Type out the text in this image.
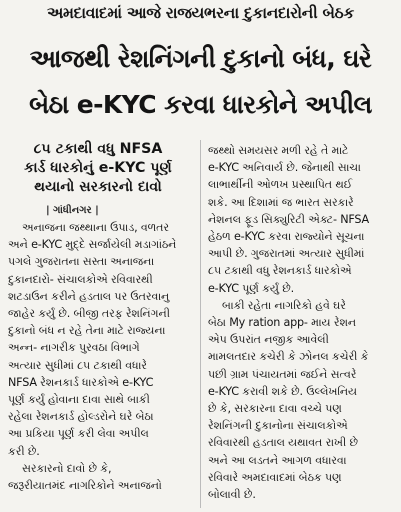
અમદાવાદમાં આજે રાજયભરના દુકાનદારોની બેઠક
આજથી રેશનિંગની દુકાનો બંધ, ઘરે
બેઠા e-KYC કરવા ધારકોને અપીલ
૮૫ ટકાથી વધુ NFSA
કાર્ડ ધારકોનું e-KYC પૂર્ણ
થયાનો સરકારનો દાવો
| ગાંધીનગર |
અનાજના જથ્થાના ઉપાડ, વળતર
અને e-KYC મુદ્દે સર્જાયેલી મડાગાંઠને
પગલે ગુજરાતના સસ્તા અનાજના
દુકાનદારો- સંચાલકોએ રવિવારથી
શટડાઉન કરીને હડતાલ પર ઉતરવાનુ
જાહેર કર્યું છે. બીજી તરફ રેશનિંગની
દુકાનો બંધ ન રહે તેના માટે રાજ્યના
અન્ન- નાગરીક પુરવઠા વિભાગે
અત્યાર સુધીમાં ૮૫ ટકાથી વધારે
NFSA રેશનકાર્ડ ધારકોએ e-KYC
પૂર્ણ કર્યું હોવાના દાવા સાથે બાકી
રહેલા રેશનકાર્ડ હોલ્ડરોને ઘરે બેઠા
આ પ્રકિયા પૂર્ણ કરી લેવા અપીલ
કરી છે.
સરકારનો દાવો છે કે,
જરૂરીયાતમંદ નાગરિકોને અનાજનો
જથ્થો સમયસર મળી રહે તે માટે
e-KYC અનિવાર્ય છે. જેનાથી સાચા
લાભાર્થીની ઓળખ પ્રસ્થાપિત થઈ
શકે. આ દિશામાં જ ભારત સરકારે
નેશનલ ફૂડ સિક્યુરિટી એક્ટ- NFSA
હેઠળ e-KYC કરવા રાજ્યોને સૂચના
આપી છે. ગુજરાતમાં અત્યાર સુધીમાં
૮૫ ટકાથી વધુ રેશનકાર્ડ ધારકોએ
e-KYC પૂર્ણ કર્યું છે.
બાકી રહેતા નાગરિકો હવે ઘરે
બેઠા My ration app- માય રેશન
એપ ઉપરાંત નજીક આવેલી
મામલતદાર કચેરી કે ઝોનલ કચેરી કે
પછી ગ્રામ પંચાયતમાં જઈને સત્વરે
e-KYC કરાવી શકે છે. ઉલ્લેખનિય
છે કે, સરકારના દાવા વચ્ચે પણ
રેશનિંગની દુકાનોના સંચાલકોએ
રવિવારથી હડતાલ યથાવત રાખી છે
અને આ લડતને આગળ વધારવા
રવિવારે અમદાવાદમાં બેઠક પણ
બોલાવી છે.
